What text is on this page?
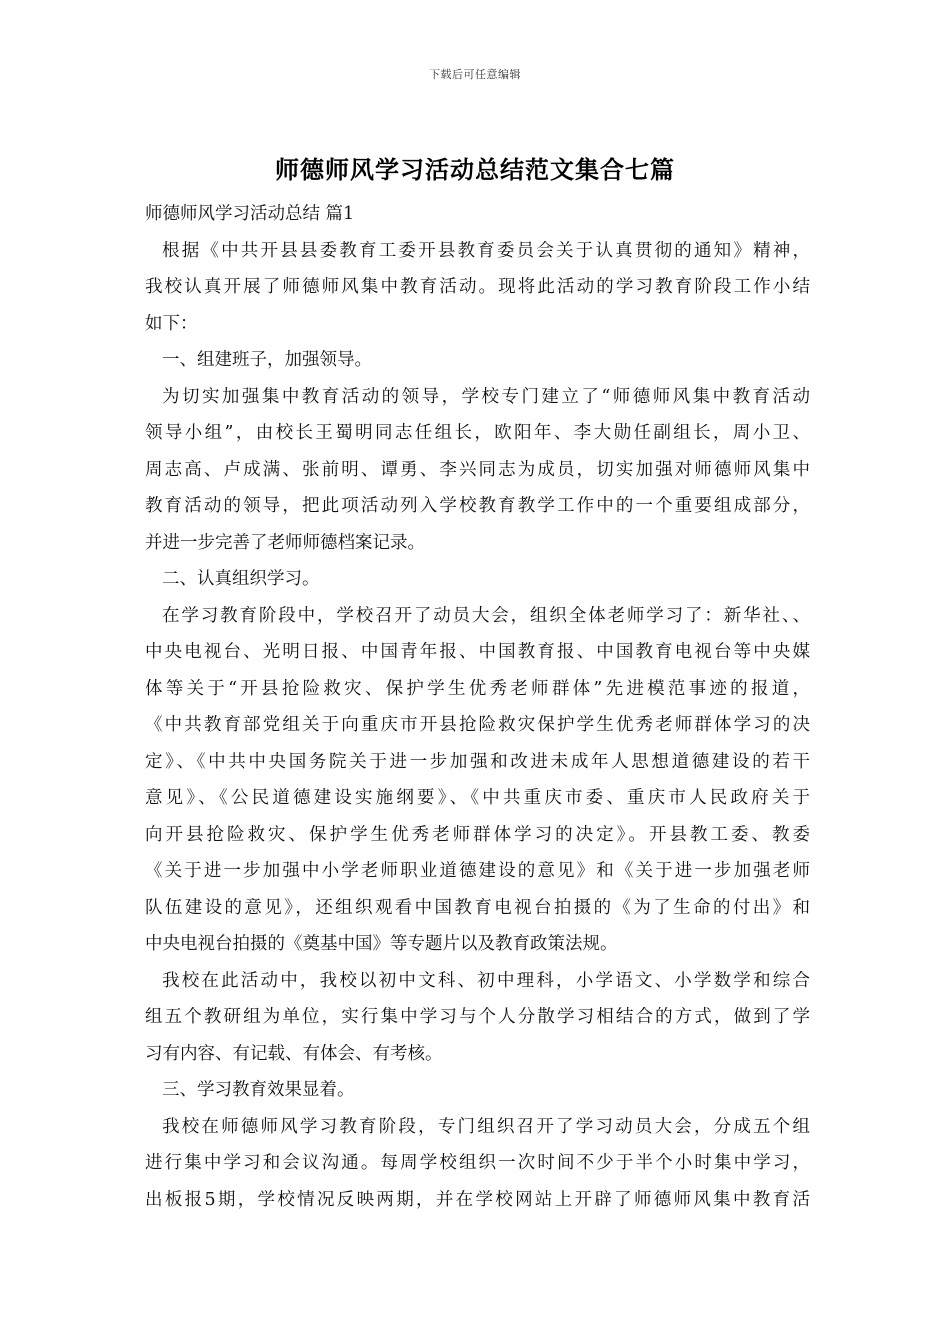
下载后可任意编辑
师德师风学习活动总结范文集合七篇
师德师风学习活动总结 篇1
根据《中共开县县委教育工委开县教育委员会关于认真贯彻的通知》精神，
我校认真开展了师德师风集中教育活动。现将此活动的学习教育阶段工作小结
如下：
一、组建班子，加强领导。
为切实加强集中教育活动的领导，学校专门建立了“师德师风集中教育活动
领导小组”，由校长王蜀明同志任组长，欧阳年、李大勋任副组长，周小卫、
周志高、卢成满、张前明、谭勇、李兴同志为成员，切实加强对师德师风集中
教育活动的领导，把此项活动列入学校教育教学工作中的一个重要组成部分，
并进一步完善了老师师德档案记录。
二、认真组织学习。
在学习教育阶段中，学校召开了动员大会，组织全体老师学习了：新华社、、
中央电视台、光明日报、中国青年报、中国教育报、中国教育电视台等中央媒
体等关于“开县抢险救灾、保护学生优秀老师群体”先进模范事迹的报道，
《中共教育部党组关于向重庆市开县抢险救灾保护学生优秀老师群体学习的决
定》、《中共中央国务院关于进一步加强和改进未成年人思想道德建设的若干
意见》、《公民道德建设实施纲要》、《中共重庆市委、重庆市人民政府关于
向开县抢险救灾、保护学生优秀老师群体学习的决定》。开县教工委、教委
《关于进一步加强中小学老师职业道德建设的意见》和《关于进一步加强老师
队伍建设的意见》，还组织观看中国教育电视台拍摄的《为了生命的付出》和
中央电视台拍摄的《奠基中国》等专题片以及教育政策法规。
我校在此活动中，我校以初中文科、初中理科，小学语文、小学数学和综合
组五个教研组为单位，实行集中学习与个人分散学习相结合的方式，做到了学
习有内容、有记载、有体会、有考核。
三、学习教育效果显着。
我校在师德师风学习教育阶段，专门组织召开了学习动员大会，分成五个组
进行集中学习和会议沟通。每周学校组织一次时间不少于半个小时集中学习，
出板报5期，学校情况反映两期，并在学校网站上开辟了师德师风集中教育活
